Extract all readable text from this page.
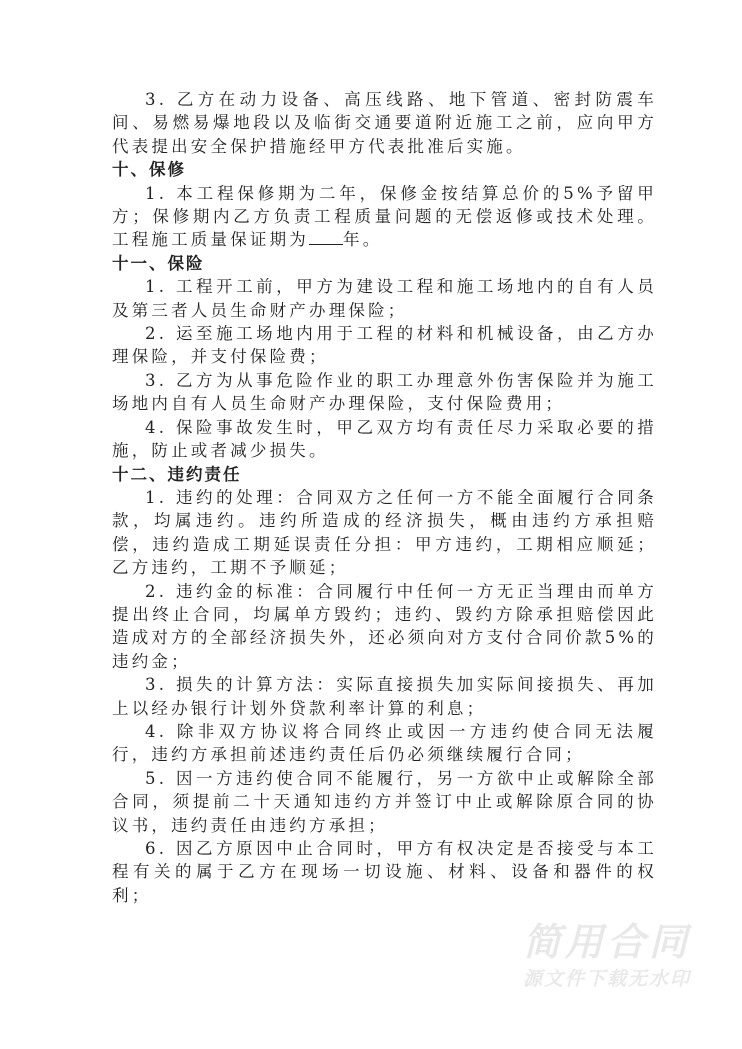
3. 乙方在动力设备、高压线路、地下管道、密封防震车间、易燃易爆地段以及临街交通要道附近施工之前，应向甲方代表提出安全保护措施经甲方代表批准后实施。

十、保修

1. 本工程保修期为二年，保修金按结算总价的5%予留甲方；保修期内乙方负责工程质量问题的无偿返修或技术处理。工程施工质量保证期为 年。

十一、保险

1. 工程开工前，甲方为建设工程和施工场地内的自有人员及第三者人员生命财产办理保险；

2. 运至施工场地内用于工程的材料和机械设备，由乙方办理保险，并支付保险费；

3. 乙方为从事危险作业的职工办理意外伤害保险并为施工场地内自有人员生命财产办理保险，支付保险费用；

4. 保险事故发生时，甲乙双方均有责任尽力采取必要的措施，防止或者减少损失。

十二、违约责任

1. 违约的处理：合同双方之任何一方不能全面履行合同条款，均属违约。违约所造成的经济损失，概由违约方承担赔偿，违约造成工期延误责任分担：甲方违约，工期相应顺延；乙方违约，工期不予顺延；

2. 违约金的标准：合同履行中任何一方无正当理由而单方提出终止合同，均属单方毁约；违约、毁约方除承担赔偿因此造成对方的全部经济损失外，还必须向对方支付合同价款5%的违约金；

3. 损失的计算方法：实际直接损失加实际间接损失、再加上以经办银行计划外贷款利率计算的利息；

4. 除非双方协议将合同终止或因一方违约使合同无法履行，违约方承担前述违约责任后仍必须继续履行合同；

5. 因一方违约使合同不能履行，另一方欲中止或解除全部合同，须提前二十天通知违约方并签订中止或解除原合同的协议书，违约责任由违约方承担；

6. 因乙方原因中止合同时，甲方有权决定是否接受与本工程有关的属于乙方在现场一切设施、材料、设备和器件的权利；

简用合同
源文件下载无水印
